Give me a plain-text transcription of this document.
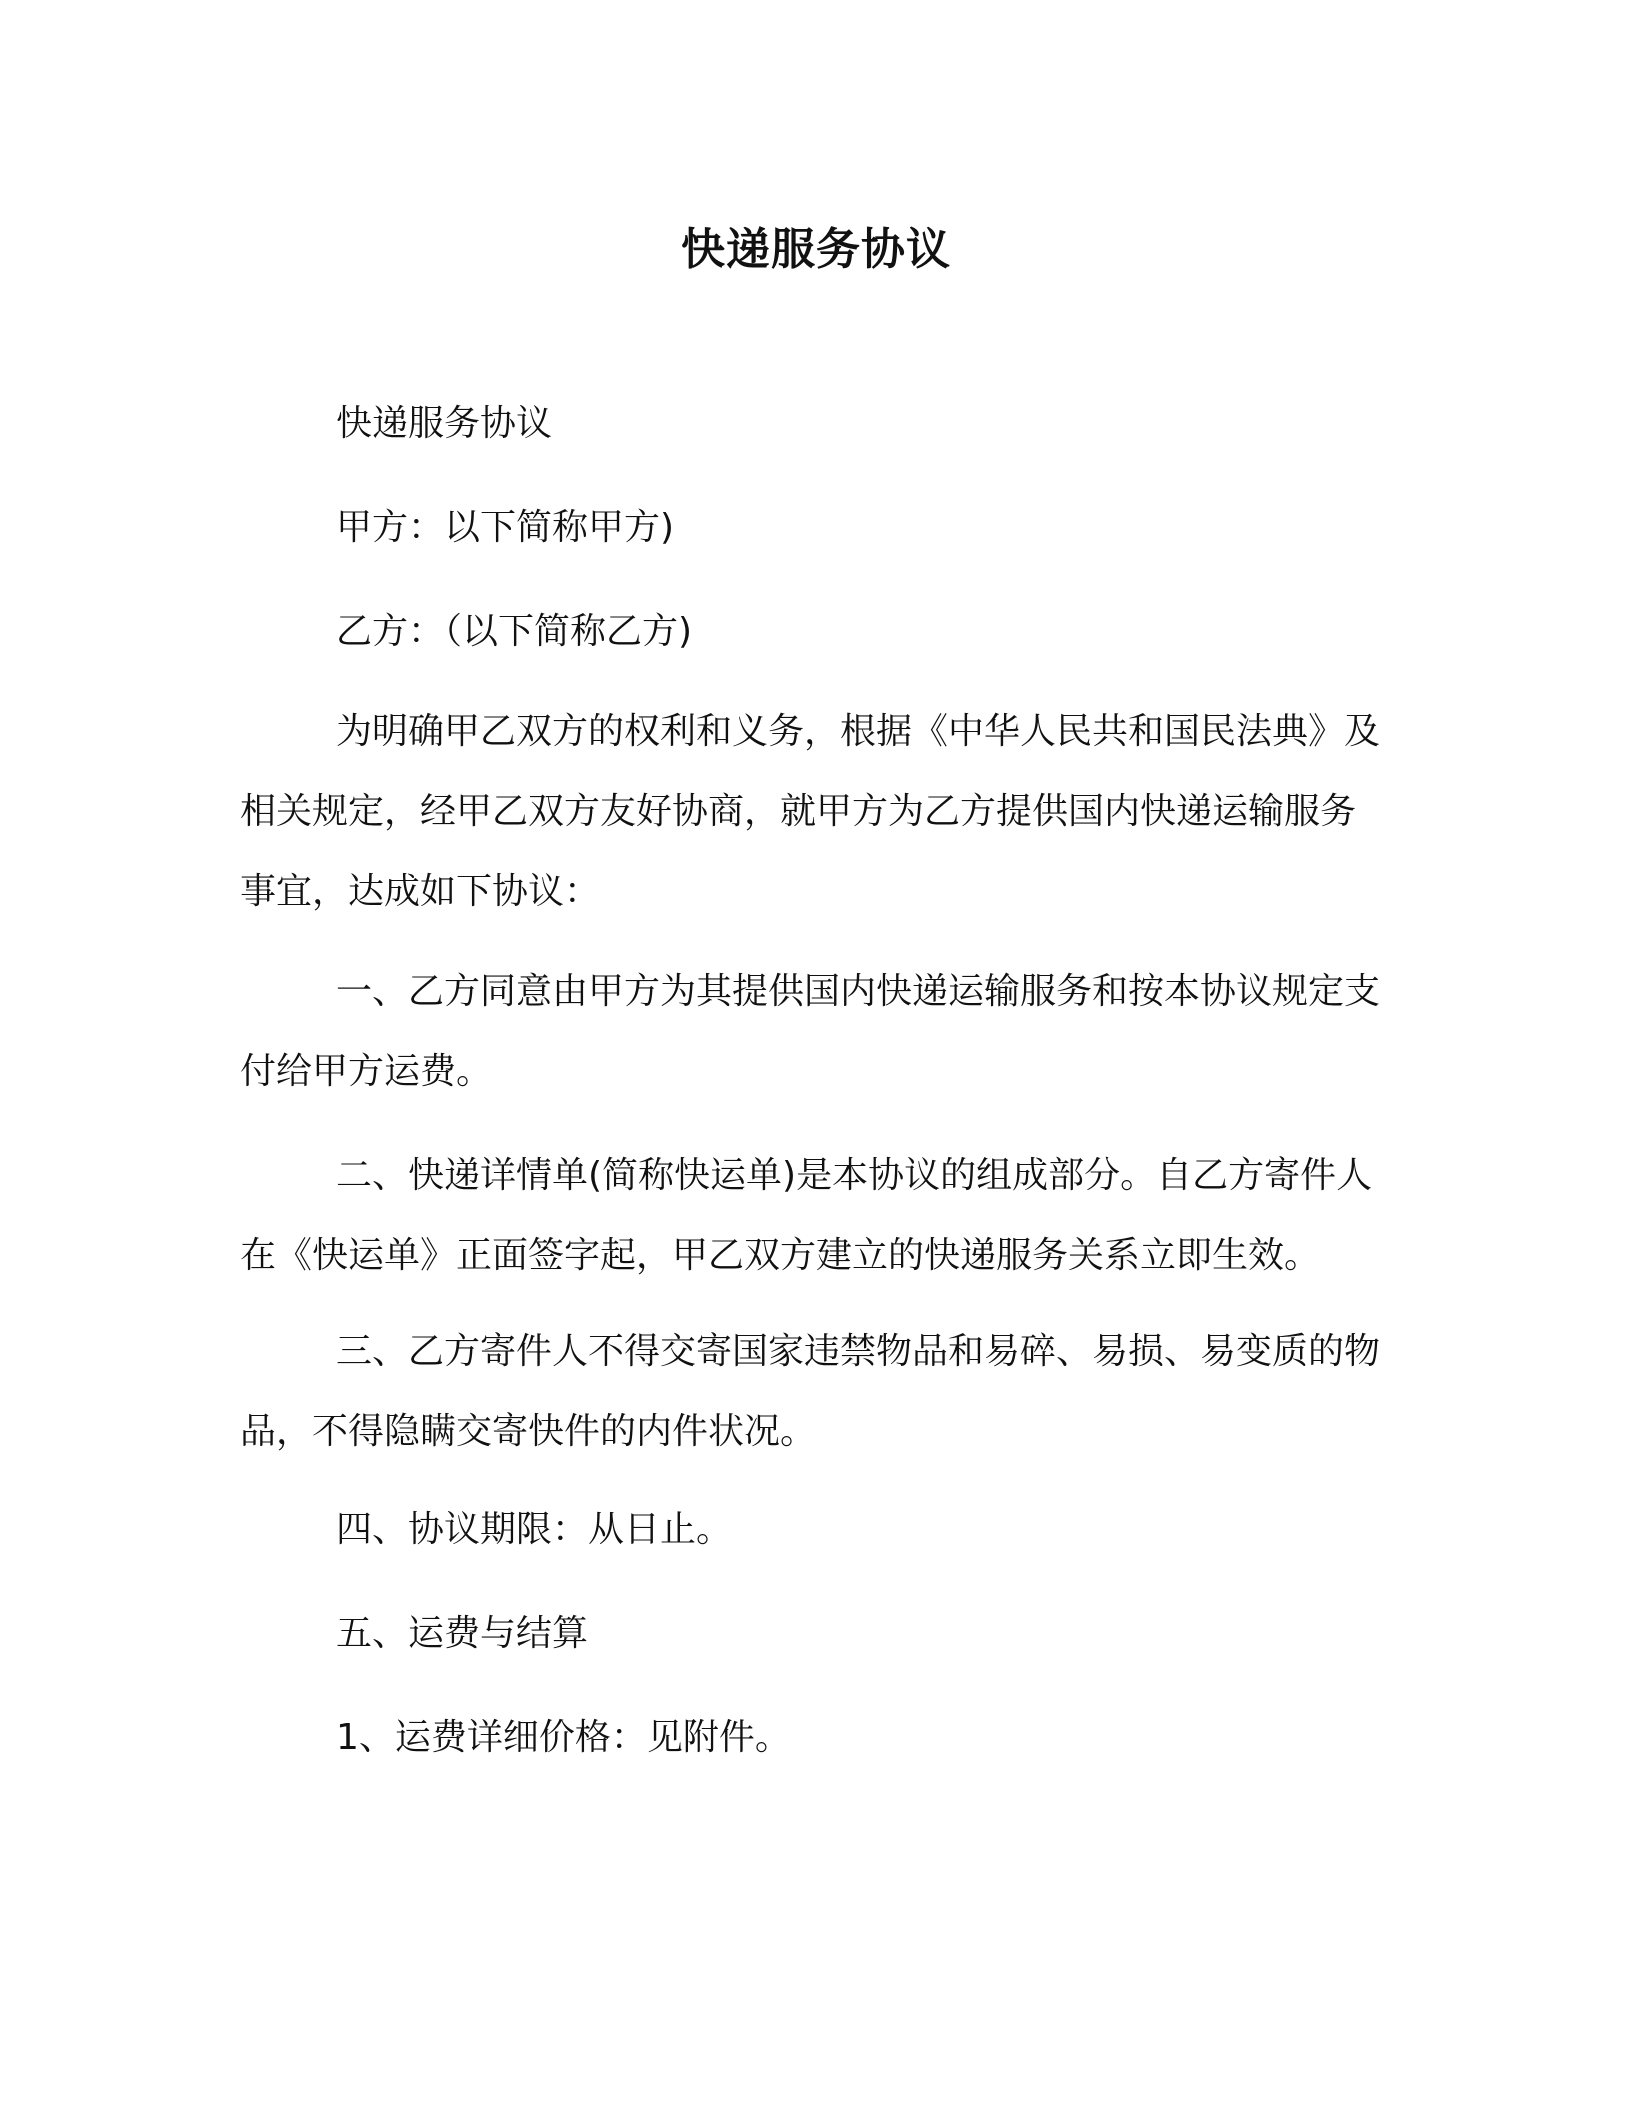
快递服务协议

快递服务协议

甲方：以下简称甲方)

乙方：（以下简称乙方)

为明确甲乙双方的权利和义务，根据《中华人民共和国民法典》及相关规定，经甲乙双方友好协商，就甲方为乙方提供国内快递运输服务事宜，达成如下协议：

一、乙方同意由甲方为其提供国内快递运输服务和按本协议规定支付给甲方运费。

二、快递详情单(简称快运单)是本协议的组成部分。自乙方寄件人在《快运单》正面签字起，甲乙双方建立的快递服务关系立即生效。

三、乙方寄件人不得交寄国家违禁物品和易碎、易损、易变质的物品，不得隐瞒交寄快件的内件状况。

四、协议期限：从日止。

五、运费与结算

1、运费详细价格：见附件。
